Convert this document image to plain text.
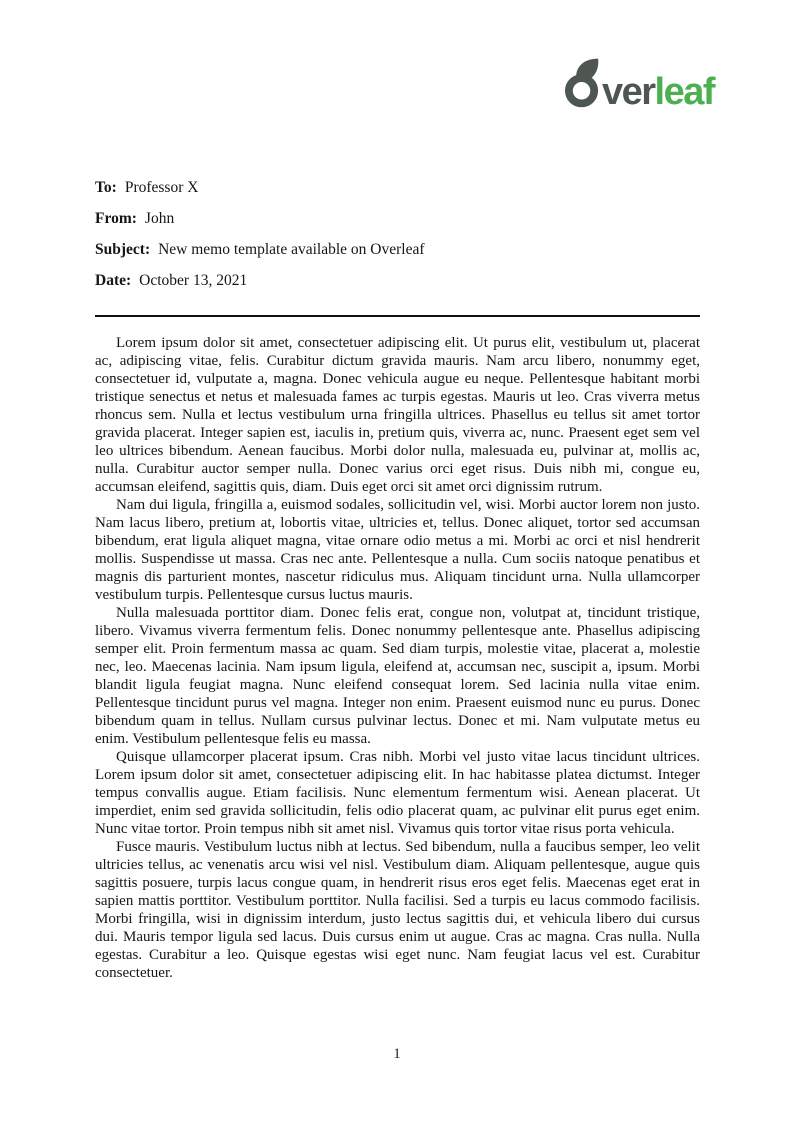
ver leaf

To: Professor X

From: John

Subject: New memo template available on Overleaf

Date: October 13, 2021

Lorem ipsum dolor sit amet, consectetuer adipiscing elit. Ut purus elit, vestibulum ut, placerat ac, adipiscing vitae, felis. Curabitur dictum gravida mauris. Nam arcu libero, nonummy eget, consectetuer id, vulputate a, magna. Donec vehicula augue eu neque. Pellentesque habitant morbi tristique senectus et netus et malesuada fames ac turpis egestas. Mauris ut leo. Cras viverra metus rhoncus sem. Nulla et lectus vestibulum urna fringilla ultrices. Phasellus eu tellus sit amet tortor gravida placerat. Integer sapien est, iaculis in, pretium quis, viverra ac, nunc. Praesent eget sem vel leo ultrices bibendum. Aenean faucibus. Morbi dolor nulla, malesuada eu, pulvinar at, mollis ac, nulla. Curabitur auctor semper nulla. Donec varius orci eget risus. Duis nibh mi, congue eu, accumsan eleifend, sagittis quis, diam. Duis eget orci sit amet orci dignissim rutrum.

Nam dui ligula, fringilla a, euismod sodales, sollicitudin vel, wisi. Morbi auctor lorem non justo. Nam lacus libero, pretium at, lobortis vitae, ultricies et, tellus. Donec aliquet, tortor sed accumsan bibendum, erat ligula aliquet magna, vitae ornare odio metus a mi. Morbi ac orci et nisl hendrerit mollis. Suspendisse ut massa. Cras nec ante. Pellentesque a nulla. Cum sociis natoque penatibus et magnis dis parturient montes, nascetur ridiculus mus. Aliquam tincidunt urna. Nulla ullamcorper vestibulum turpis. Pellentesque cursus luctus mauris.

Nulla malesuada porttitor diam. Donec felis erat, congue non, volutpat at, tincidunt tristique, libero. Vivamus viverra fermentum felis. Donec nonummy pellentesque ante. Phasellus adipiscing semper elit. Proin fermentum massa ac quam. Sed diam turpis, molestie vitae, placerat a, molestie nec, leo. Maecenas lacinia. Nam ipsum ligula, eleifend at, accumsan nec, suscipit a, ipsum. Morbi blandit ligula feugiat magna. Nunc eleifend consequat lorem. Sed lacinia nulla vitae enim. Pellentesque tincidunt purus vel magna. Integer non enim. Praesent euismod nunc eu purus. Donec bibendum quam in tellus. Nullam cursus pulvinar lectus. Donec et mi. Nam vulputate metus eu enim. Vestibulum pellentesque felis eu massa.

Quisque ullamcorper placerat ipsum. Cras nibh. Morbi vel justo vitae lacus tincidunt ultrices. Lorem ipsum dolor sit amet, consectetuer adipiscing elit. In hac habitasse platea dictumst. Integer tempus convallis augue. Etiam facilisis. Nunc elementum fermentum wisi. Aenean placerat. Ut imperdiet, enim sed gravida sollicitudin, felis odio placerat quam, ac pulvinar elit purus eget enim. Nunc vitae tortor. Proin tempus nibh sit amet nisl. Vivamus quis tortor vitae risus porta vehicula.

Fusce mauris. Vestibulum luctus nibh at lectus. Sed bibendum, nulla a faucibus semper, leo velit ultricies tellus, ac venenatis arcu wisi vel nisl. Vestibulum diam. Aliquam pellentesque, augue quis sagittis posuere, turpis lacus congue quam, in hendrerit risus eros eget felis. Maecenas eget erat in sapien mattis porttitor. Vestibulum porttitor. Nulla facilisi. Sed a turpis eu lacus commodo facilisis. Morbi fringilla, wisi in dignissim interdum, justo lectus sagittis dui, et vehicula libero dui cursus dui. Mauris tempor ligula sed lacus. Duis cursus enim ut augue. Cras ac magna. Cras nulla. Nulla egestas. Curabitur a leo. Quisque egestas wisi eget nunc. Nam feugiat lacus vel est. Curabitur consectetuer.

1
